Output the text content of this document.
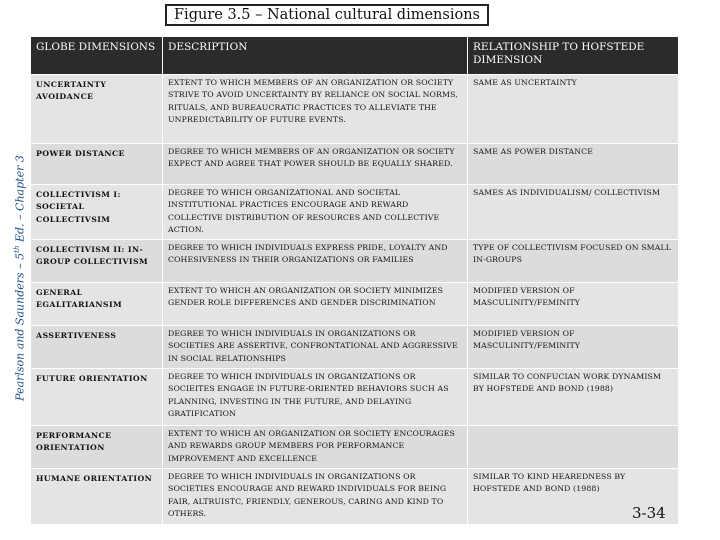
Figure 3.5 – National cultural dimensions
Pearlson and Saunders – 5th Ed. – Chapter 3
GLOBE DIMENSIONS	DESCRIPTION	RELATIONSHIP TO HOFSTEDE DIMENSION
UNCERTAINTY AVOIDANCE	EXTENT TO WHICH MEMBERS OF AN ORGANIZATION OR SOCIETY STRIVE TO AVOID UNCERTAINTY BY RELIANCE ON SOCIAL NORMS, RITUALS, AND BUREAUCRATIC PRACTICES TO ALLEVIATE THE UNPREDICTABILITY OF FUTURE EVENTS.	SAME AS UNCERTAINTY
POWER DISTANCE	DEGREE TO WHICH MEMBERS OF AN ORGANIZATION OR SOCIETY EXPECT AND AGREE THAT POWER SHOULD BE EQUALLY SHARED.	SAME AS POWER DISTANCE
COLLECTIVISM I: SOCIETAL COLLECTIVSIM	DEGREE TO WHICH ORGANIZATIONAL AND SOCIETAL INSTITUTIONAL PRACTICES ENCOURAGE AND REWARD COLLECTIVE DISTRIBUTION OF RESOURCES AND COLLECTIVE ACTION.	SAMES AS INDIVIDUALISM/ COLLECTIVISM
COLLECTIVISM II: IN-GROUP COLLECTIVISM	DEGREE TO WHICH INDIVIDUALS EXPRESS PRIDE, LOYALTY AND COHESIVENESS IN THEIR ORGANIZATIONS OR FAMILIES	TYPE OF COLLECTIVISM FOCUSED ON SMALL IN-GROUPS
GENERAL EGALITARIANSIM	EXTENT TO WHICH AN ORGANIZATION OR SOCIETY MINIMIZES GENDER ROLE DIFFERENCES AND GENDER DISCRIMINATION	MODIFIED VERSION OF MASCULINITY/FEMINITY
ASSERTIVENESS	DEGREE TO WHICH INDIVIDUALS IN ORGANIZATIONS OR SOCIETIES ARE ASSERTIVE, CONFRONTATIONAL AND AGGRESSIVE IN SOCIAL RELATIONSHIPS	MODIFIED VERSION OF MASCULINITY/FEMINITY
FUTURE ORIENTATION	DEGREE TO WHICH INDIVIDUALS IN ORGANIZATIONS OR SOCIEITES ENGAGE IN FUTURE-ORIENTED BEHAVIORS SUCH AS PLANNING, INVESTING IN THE FUTURE, AND DELAYING GRATIFICATION	SIMILAR TO CONFUCIAN WORK DYNAMISM BY HOFSTEDE AND BOND (1988)
PERFORMANCE ORIENTATION	EXTENT TO WHICH AN ORGANIZATION OR SOCIETY ENCOURAGES AND REWARDS GROUP MEMBERS FOR PERFORMANCE IMPROVEMENT AND EXCELLENCE	
HUMANE ORIENTATION	DEGREE TO WHICH INDIVIDUALS IN ORGANIZATIONS OR SOCIETIES ENCOURAGE AND REWARD INDIVIDUALS FOR BEING FAIR, ALTRUISTC, FRIENDLY, GENEROUS, CARING AND KIND TO OTHERS.	SIMILAR TO KIND HEAREDNESS BY HOFSTEDE AND BOND (1988)
3-34
